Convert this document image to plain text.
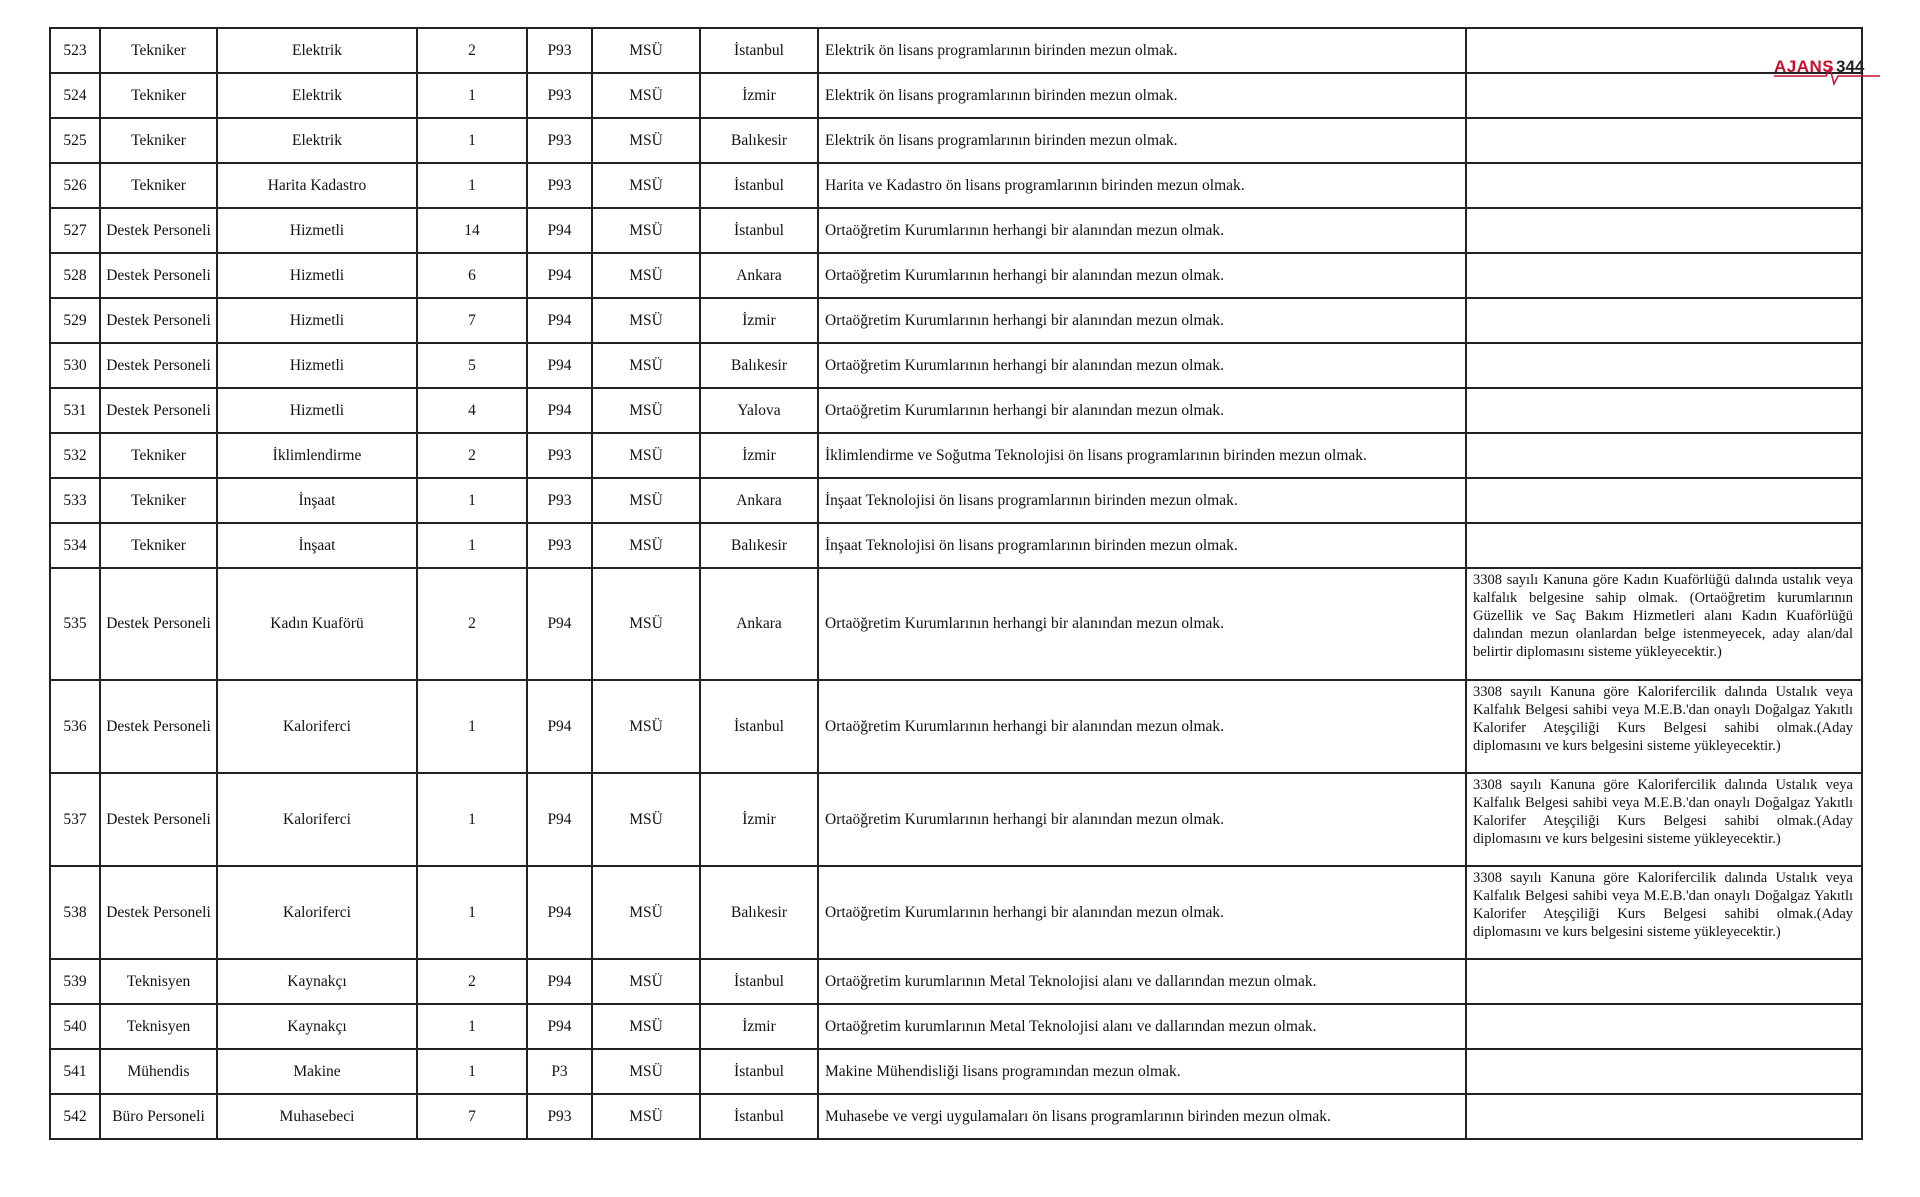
523	Tekniker	Elektrik	2	P93	MSÜ	İstanbul	Elektrik ön lisans programlarının birinden mezun olmak.	
524	Tekniker	Elektrik	1	P93	MSÜ	İzmir	Elektrik ön lisans programlarının birinden mezun olmak.	
525	Tekniker	Elektrik	1	P93	MSÜ	Balıkesir	Elektrik ön lisans programlarının birinden mezun olmak.	
526	Tekniker	Harita Kadastro	1	P93	MSÜ	İstanbul	Harita ve Kadastro ön lisans programlarının birinden mezun olmak.	
527	Destek Personeli	Hizmetli	14	P94	MSÜ	İstanbul	Ortaöğretim Kurumlarının herhangi bir alanından mezun olmak.	
528	Destek Personeli	Hizmetli	6	P94	MSÜ	Ankara	Ortaöğretim Kurumlarının herhangi bir alanından mezun olmak.	
529	Destek Personeli	Hizmetli	7	P94	MSÜ	İzmir	Ortaöğretim Kurumlarının herhangi bir alanından mezun olmak.	
530	Destek Personeli	Hizmetli	5	P94	MSÜ	Balıkesir	Ortaöğretim Kurumlarının herhangi bir alanından mezun olmak.	
531	Destek Personeli	Hizmetli	4	P94	MSÜ	Yalova	Ortaöğretim Kurumlarının herhangi bir alanından mezun olmak.	
532	Tekniker	İklimlendirme	2	P93	MSÜ	İzmir	İklimlendirme ve Soğutma Teknolojisi ön lisans programlarının birinden mezun olmak.	
533	Tekniker	İnşaat	1	P93	MSÜ	Ankara	İnşaat Teknolojisi ön lisans programlarının birinden mezun olmak.	
534	Tekniker	İnşaat	1	P93	MSÜ	Balıkesir	İnşaat Teknolojisi ön lisans programlarının birinden mezun olmak.	
535	Destek Personeli	Kadın Kuaförü	2	P94	MSÜ	Ankara	Ortaöğretim Kurumlarının herhangi bir alanından mezun olmak.	3308 sayılı Kanuna göre Kadın Kuaförlüğü dalında ustalık veya kalfalık belgesine sahip olmak. (Ortaöğretim kurumlarının Güzellik ve Saç Bakım Hizmetleri alanı Kadın Kuaförlüğü dalından mezun olanlardan belge istenmeyecek, aday alan/dal belirtir diplomasını sisteme yükleyecektir.)
536	Destek Personeli	Kaloriferci	1	P94	MSÜ	İstanbul	Ortaöğretim Kurumlarının herhangi bir alanından mezun olmak.	3308 sayılı Kanuna göre Kalorifercilik dalında Ustalık veya Kalfalık Belgesi sahibi veya M.E.B.'dan onaylı Doğalgaz Yakıtlı Kalorifer Ateşçiliği Kurs Belgesi sahibi olmak.(Aday diplomasını ve kurs belgesini sisteme yükleyecektir.)
537	Destek Personeli	Kaloriferci	1	P94	MSÜ	İzmir	Ortaöğretim Kurumlarının herhangi bir alanından mezun olmak.	3308 sayılı Kanuna göre Kalorifercilik dalında Ustalık veya Kalfalık Belgesi sahibi veya M.E.B.'dan onaylı Doğalgaz Yakıtlı Kalorifer Ateşçiliği Kurs Belgesi sahibi olmak.(Aday diplomasını ve kurs belgesini sisteme yükleyecektir.)
538	Destek Personeli	Kaloriferci	1	P94	MSÜ	Balıkesir	Ortaöğretim Kurumlarının herhangi bir alanından mezun olmak.	3308 sayılı Kanuna göre Kalorifercilik dalında Ustalık veya Kalfalık Belgesi sahibi veya M.E.B.'dan onaylı Doğalgaz Yakıtlı Kalorifer Ateşçiliği Kurs Belgesi sahibi olmak.(Aday diplomasını ve kurs belgesini sisteme yükleyecektir.)
539	Teknisyen	Kaynakçı	2	P94	MSÜ	İstanbul	Ortaöğretim kurumlarının Metal Teknolojisi alanı ve dallarından mezun olmak.	
540	Teknisyen	Kaynakçı	1	P94	MSÜ	İzmir	Ortaöğretim kurumlarının Metal Teknolojisi alanı ve dallarından mezun olmak.	
541	Mühendis	Makine	1	P3	MSÜ	İstanbul	Makine Mühendisliği lisans programından mezun olmak.	
542	Büro Personeli	Muhasebeci	7	P93	MSÜ	İstanbul	Muhasebe ve vergi uygulamaları ön lisans programlarının birinden mezun olmak.	
AJANS 344
